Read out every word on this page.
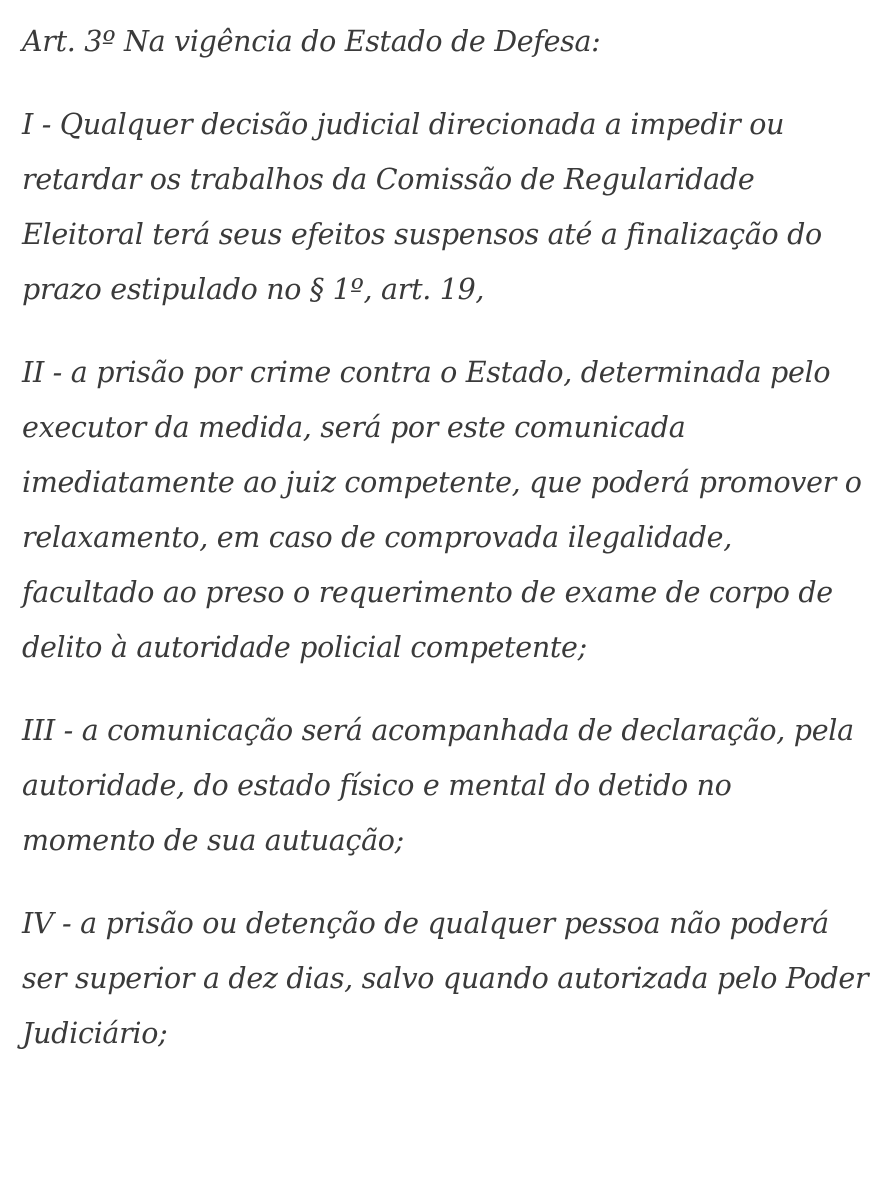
Art. 3º Na vigência do Estado de Defesa:

I - Qualquer decisão judicial direcionada a impedir ou retardar os trabalhos da Comissão de Regularidade Eleitoral terá seus efeitos suspensos até a finalização do prazo estipulado no § 1º, art. 19,

II - a prisão por crime contra o Estado, determinada pelo executor da medida, será por este comunicada imediatamente ao juiz competente, que poderá promover o relaxamento, em caso de comprovada ilegalidade, facultado ao preso o requerimento de exame de corpo de delito à autoridade policial competente;

III - a comunicação será acompanhada de declaração, pela autoridade, do estado físico e mental do detido no momento de sua autuação;

IV - a prisão ou detenção de qualquer pessoa não poderá ser superior a dez dias, salvo quando autorizada pelo Poder Judiciário;
